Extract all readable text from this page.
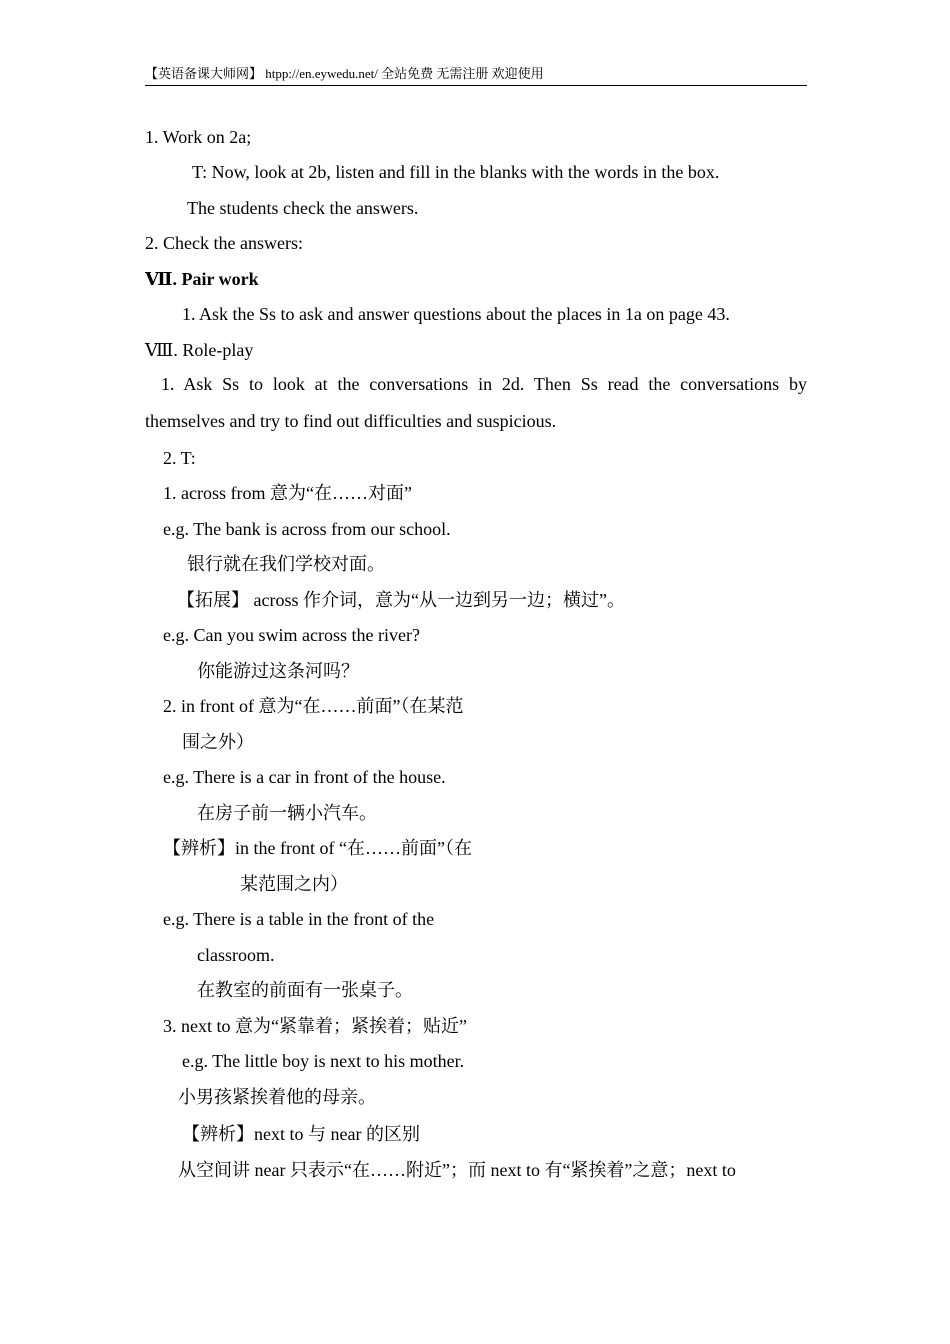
【英语备课大师网】 htpp://en.eywedu.net/ 全站免费 无需注册 欢迎使用
1. Work on 2a;
T: Now, look at 2b, listen and fill in the blanks with the words in the box.
The students check the answers.
2. Check the answers:
Ⅶ. Pair work
1. Ask the Ss to ask and answer questions about the places in 1a on page 43.
Ⅷ. Role-play
1. Ask Ss to look at the conversations in 2d. Then Ss read the conversations by themselves and try to find out difficulties and suspicious.
2. T:
1. across from 意为“在……对面”
e.g. The bank is across from our school.
银行就在我们学校对面。
【拓展】 across 作介词，意为“从一边到另一边；横过”。
e.g. Can you swim across the river?
你能游过这条河吗？
2. in front of 意为“在……前面”（在某范
围之外）
e.g. There is a car in front of the house.
在房子前一辆小汽车。
【辨析】in the front of “在……前面”（在
某范围之内）
e.g. There is a table in the front of the
classroom.
在教室的前面有一张桌子。
3. next to 意为“紧靠着；紧挨着；贴近”
e.g. The little boy is next to his mother.
小男孩紧挨着他的母亲。
【辨析】next to 与 near 的区别
从空间讲 near 只表示“在……附近”；而 next to 有“紧挨着”之意；next to
